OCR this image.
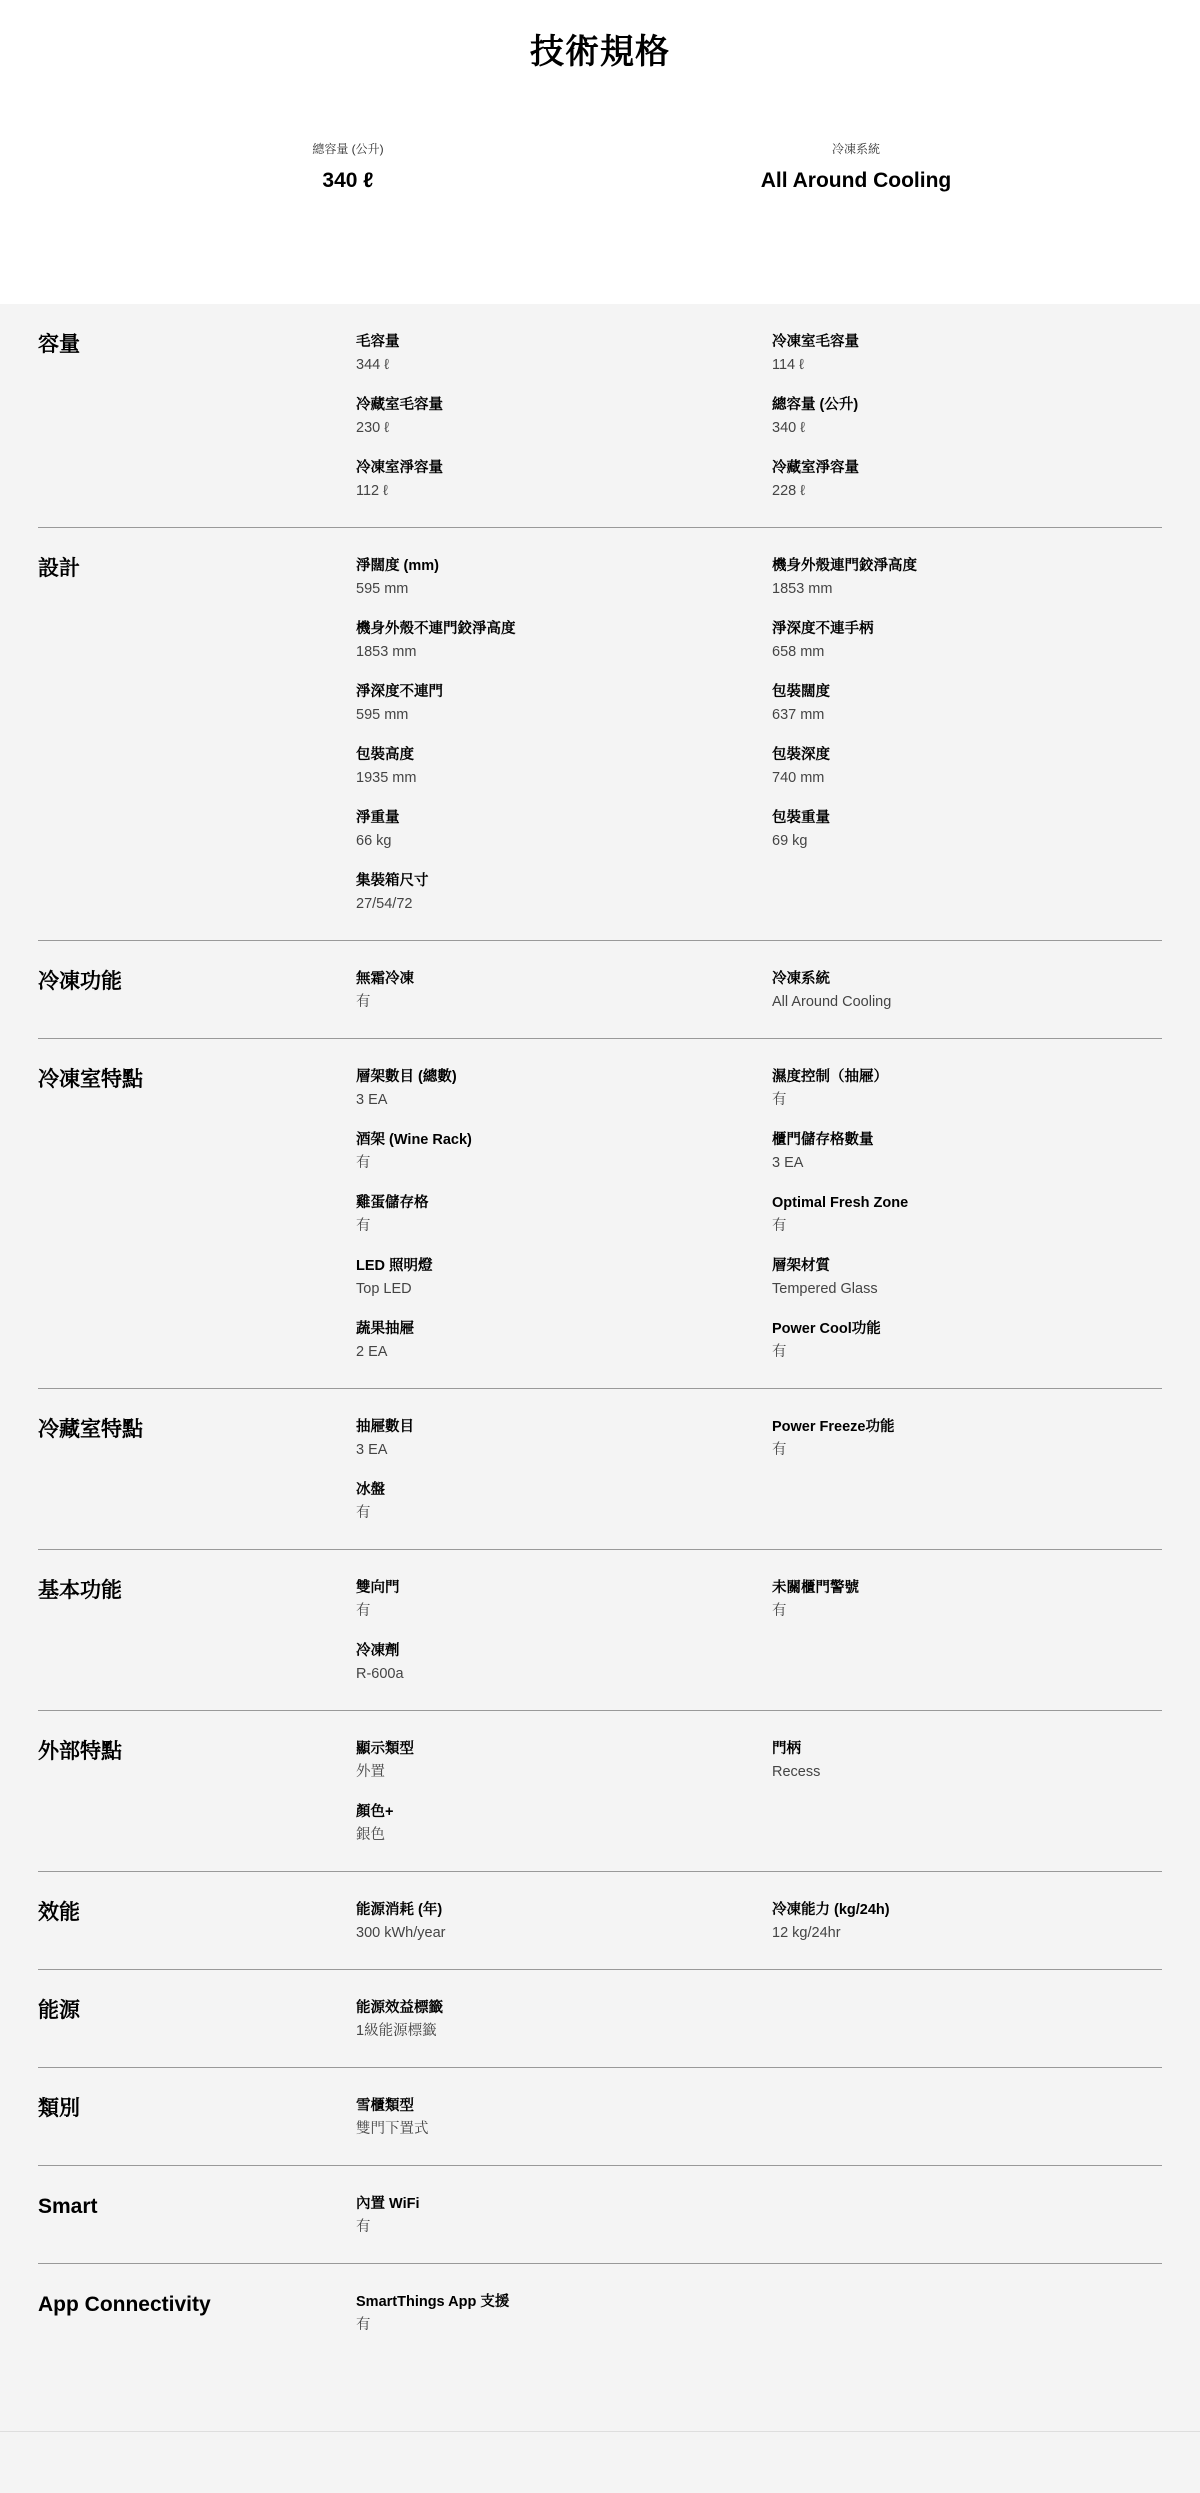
技術規格
總容量 (公升)
340 ℓ
冷凍系統
All Around Cooling
容量	毛容量
344 ℓ
冷凍室毛容量
114 ℓ
冷藏室毛容量
230 ℓ
總容量 (公升)
340 ℓ
冷凍室淨容量
112 ℓ
冷藏室淨容量
228 ℓ
設計	淨闊度 (mm)
595 mm
機身外殼連門鉸淨高度
1853 mm
機身外殼不連門鉸淨高度
1853 mm
淨深度不連手柄
658 mm
淨深度不連門
595 mm
包裝闊度
637 mm
包裝高度
1935 mm
包裝深度
740 mm
淨重量
66 kg
包裝重量
69 kg
集裝箱尺寸
27/54/72
冷凍功能	無霜冷凍
有
冷凍系統
All Around Cooling
冷凍室特點	層架數目 (總數)
3 EA
濕度控制（抽屜）
有
酒架 (Wine Rack)
有
櫃門儲存格數量
3 EA
雞蛋儲存格
有
Optimal Fresh Zone
有
LED 照明燈
Top LED
層架材質
Tempered Glass
蔬果抽屜
2 EA
Power Cool功能
有
冷藏室特點	抽屜數目
3 EA
Power Freeze功能
有
冰盤
有
基本功能	雙向門
有
未關櫃門警號
有
冷凍劑
R-600a
外部特點	顯示類型
外置
門柄
Recess
顏色+
銀色
效能	能源消耗 (年)
300 kWh/year
冷凍能力 (kg/24h)
12 kg/24hr
能源	能源效益標籤
1級能源標籤
類別	雪櫃類型
雙門下置式
Smart	內置 WiFi
有
App Connectivity	SmartThings App 支援
有
